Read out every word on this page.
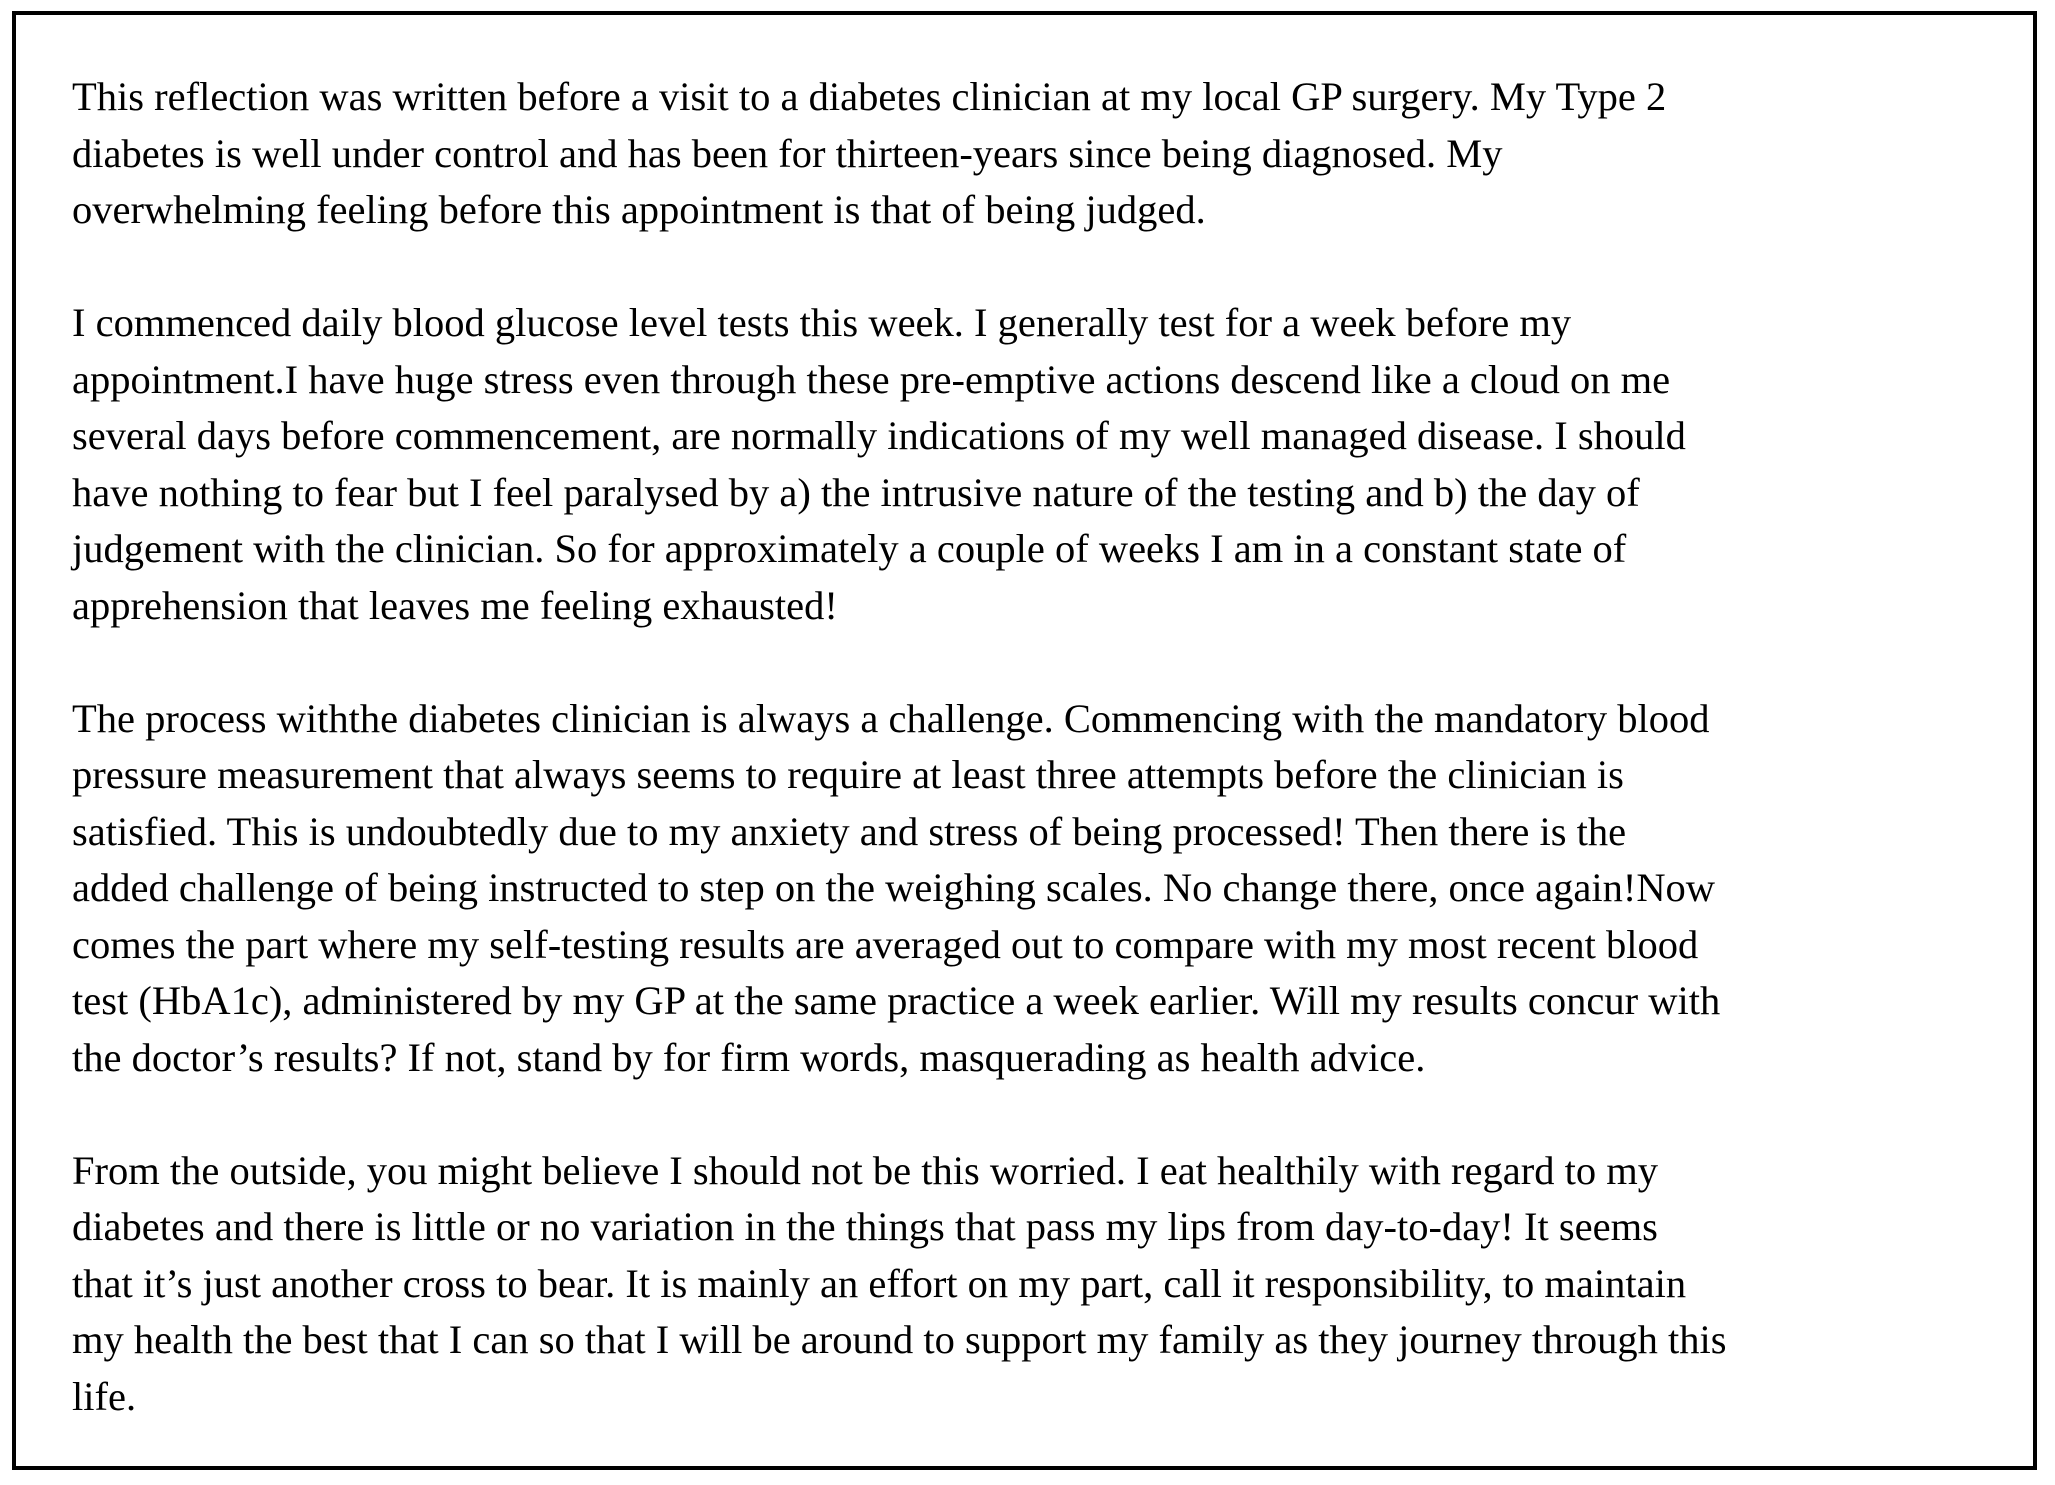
This reflection was written before a visit to a diabetes clinician at my local GP surgery. My Type 2
diabetes is well under control and has been for thirteen-years since being diagnosed. My
overwhelming feeling before this appointment is that of being judged.

I commenced daily blood glucose level tests this week. I generally test for a week before my
appointment.I have huge stress even through these pre-emptive actions descend like a cloud on me
several days before commencement, are normally indications of my well managed disease. I should
have nothing to fear but I feel paralysed by a) the intrusive nature of the testing and b) the day of
judgement with the clinician. So for approximately a couple of weeks I am in a constant state of
apprehension that leaves me feeling exhausted!

The process withthe diabetes clinician is always a challenge. Commencing with the mandatory blood
pressure measurement that always seems to require at least three attempts before the clinician is
satisfied. This is undoubtedly due to my anxiety and stress of being processed! Then there is the
added challenge of being instructed to step on the weighing scales. No change there, once again!Now
comes the part where my self-testing results are averaged out to compare with my most recent blood
test (HbA1c), administered by my GP at the same practice a week earlier. Will my results concur with
the doctor’s results? If not, stand by for firm words, masquerading as health advice.

From the outside, you might believe I should not be this worried. I eat healthily with regard to my
diabetes and there is little or no variation in the things that pass my lips from day-to-day! It seems
that it’s just another cross to bear. It is mainly an effort on my part, call it responsibility, to maintain
my health the best that I can so that I will be around to support my family as they journey through this
life.
